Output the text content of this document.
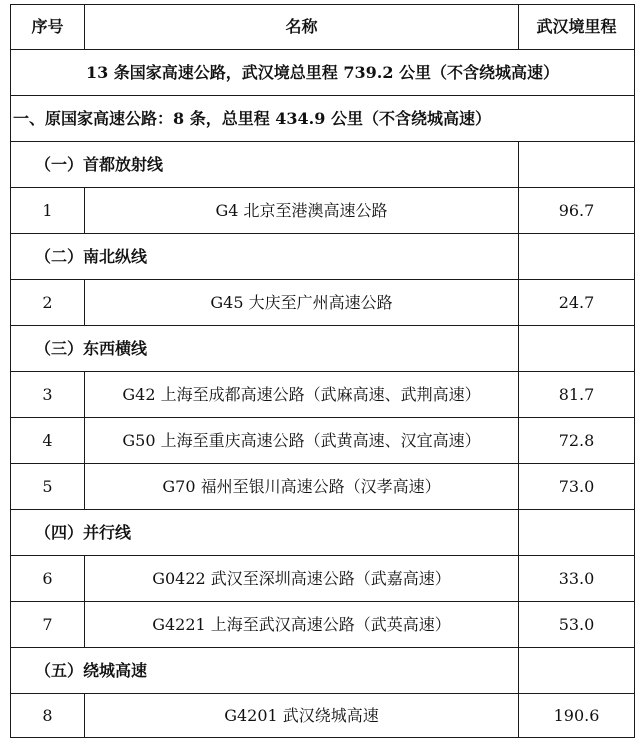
序号	名称	武汉境里程
13 条国家高速公路，武汉境总里程 739.2 公里（不含绕城高速）		
一、原国家高速公路：8 条，总里程 434.9 公里（不含绕城高速）		
（一）首都放射线		
1	G4 北京至港澳高速公路	96.7
（二）南北纵线		
2	G45 大庆至广州高速公路	24.7
（三）东西横线		
3	G42 上海至成都高速公路（武麻高速、武荆高速）	81.7
4	G50 上海至重庆高速公路（武黄高速、汉宜高速）	72.8
5	G70 福州至银川高速公路（汉孝高速）	73.0
（四）并行线		
6	G0422 武汉至深圳高速公路（武嘉高速）	33.0
7	G4221 上海至武汉高速公路（武英高速）	53.0
（五）绕城高速		
8	G4201 武汉绕城高速	190.6
